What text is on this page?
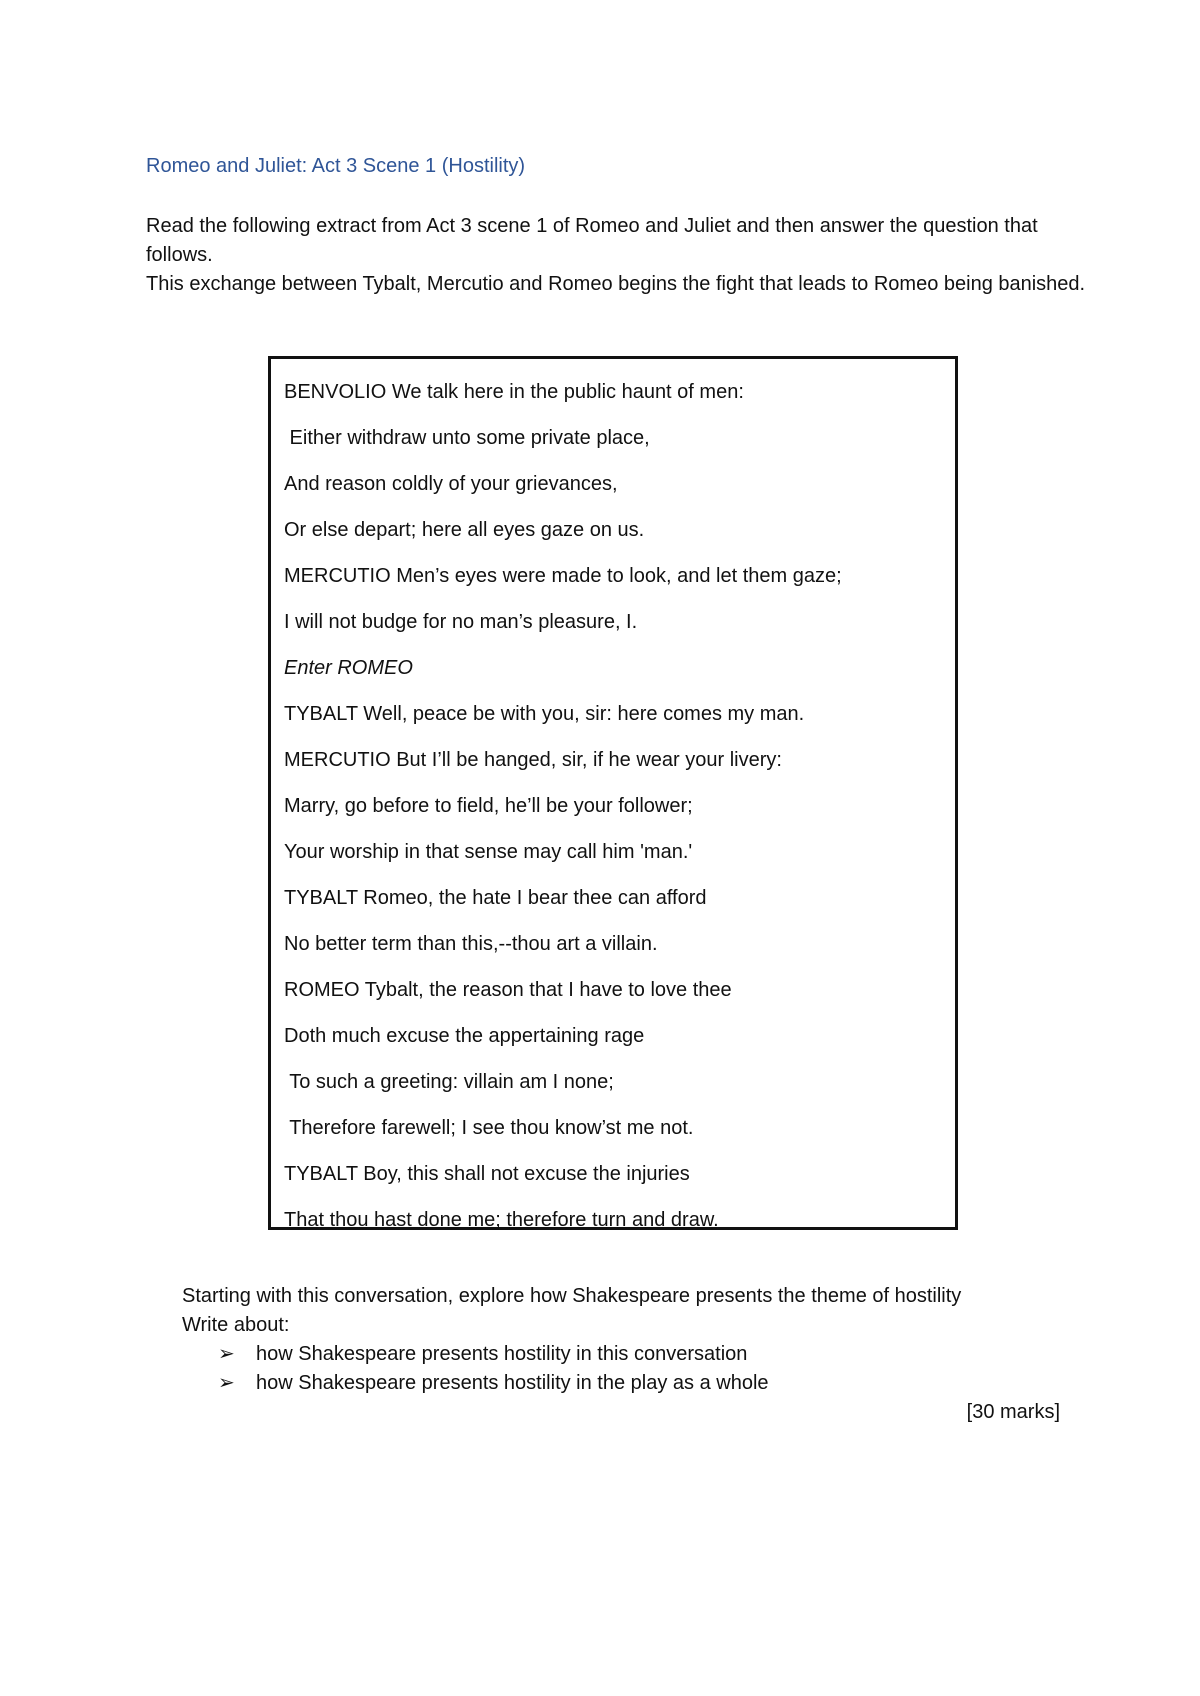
Romeo and Juliet: Act 3 Scene 1 (Hostility)

Read the following extract from Act 3 scene 1 of Romeo and Juliet and then answer the question that follows.

This exchange between Tybalt, Mercutio and Romeo begins the fight that leads to Romeo being banished.

BENVOLIO We talk here in the public haunt of men:
Either withdraw unto some private place,
And reason coldly of your grievances,
Or else depart; here all eyes gaze on us.
MERCUTIO Men’s eyes were made to look, and let them gaze;
I will not budge for no man’s pleasure, I.
Enter ROMEO
TYBALT Well, peace be with you, sir: here comes my man.
MERCUTIO But I’ll be hanged, sir, if he wear your livery:
Marry, go before to field, he’ll be your follower;
Your worship in that sense may call him 'man.'
TYBALT Romeo, the hate I bear thee can afford
No better term than this,--thou art a villain.
ROMEO Tybalt, the reason that I have to love thee
Doth much excuse the appertaining rage
To such a greeting: villain am I none;
Therefore farewell; I see thou know’st me not.
TYBALT Boy, this shall not excuse the injuries
That thou hast done me; therefore turn and draw.

Starting with this conversation, explore how Shakespeare presents the theme of hostility

Write about:

➢	how Shakespeare presents hostility in this conversation
➢	how Shakespeare presents hostility in the play as a whole
[30 marks]
